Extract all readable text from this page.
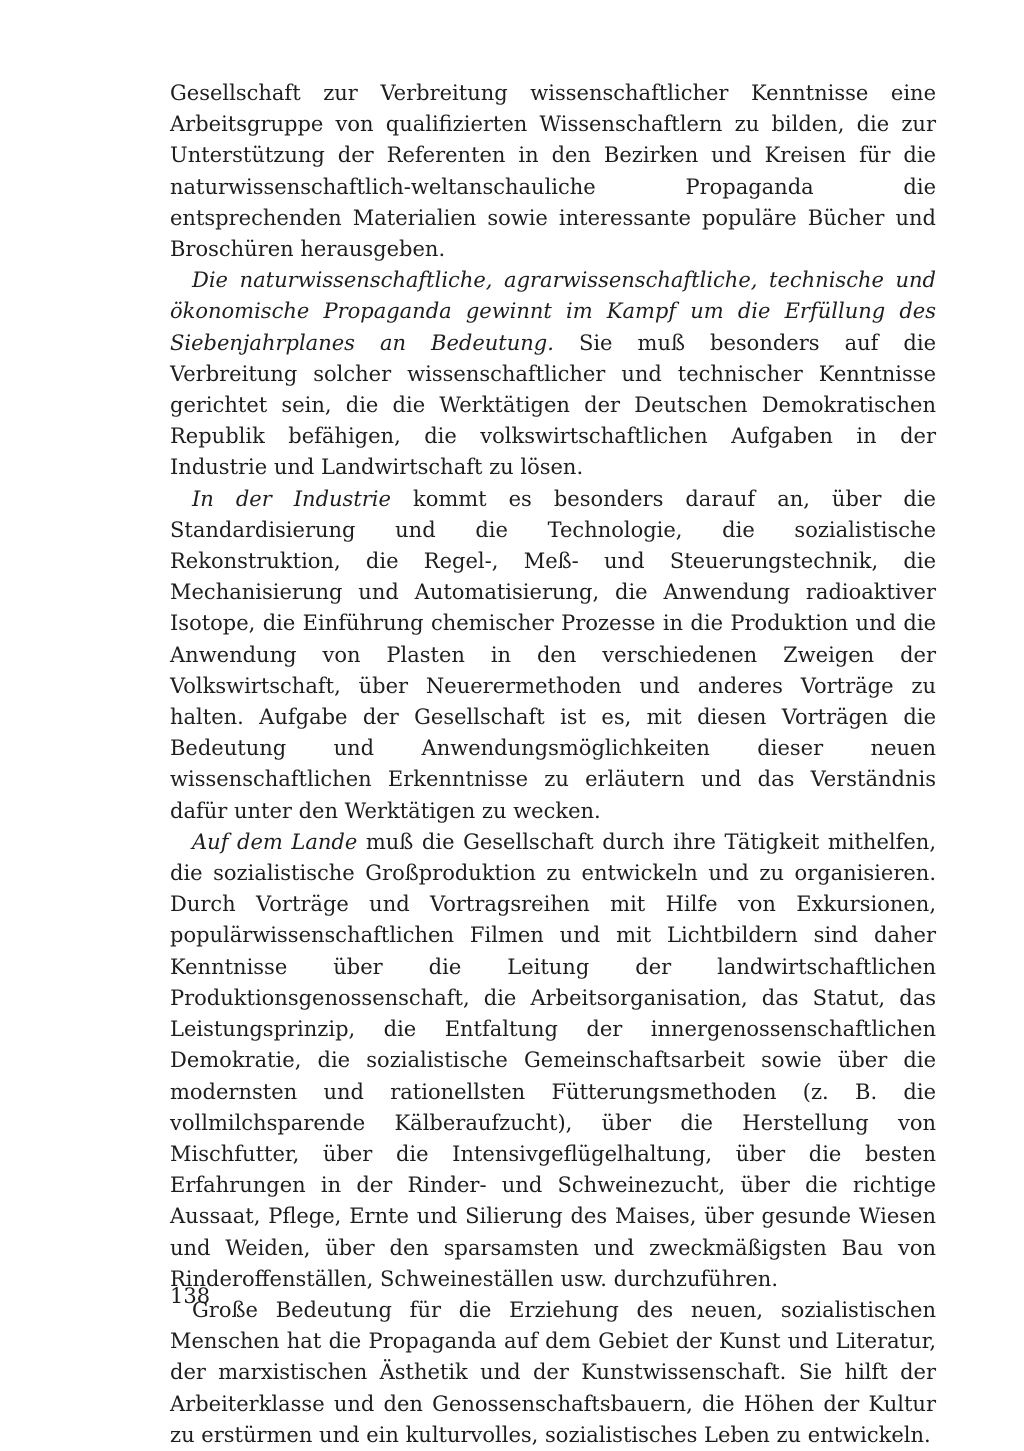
Gesellschaft zur Verbreitung wissenschaftlicher Kenntnisse eine Arbeitsgruppe von qualifizierten Wissenschaftlern zu bilden, die zur Unterstützung der Referenten in den Bezirken und Kreisen für die naturwissenschaftlich-weltanschauliche Propaganda die entsprechenden Materialien sowie interessante populäre Bücher und Broschüren herausgeben.

Die naturwissenschaftliche, agrarwissenschaftliche, technische und ökonomische Propaganda gewinnt im Kampf um die Erfüllung des Siebenjahrplanes an Bedeutung. Sie muß besonders auf die Verbreitung solcher wissenschaftlicher und technischer Kenntnisse gerichtet sein, die die Werktätigen der Deutschen Demokratischen Republik befähigen, die volkswirtschaftlichen Aufgaben in der Industrie und Landwirtschaft zu lösen.

In der Industrie kommt es besonders darauf an, über die Standardisierung und die Technologie, die sozialistische Rekonstruktion, die Regel-, Meß- und Steuerungstechnik, die Mechanisierung und Automatisierung, die Anwendung radioaktiver Isotope, die Einführung chemischer Prozesse in die Produktion und die Anwendung von Plasten in den verschiedenen Zweigen der Volkswirtschaft, über Neuerermethoden und anderes Vorträge zu halten. Aufgabe der Gesellschaft ist es, mit diesen Vorträgen die Bedeutung und Anwendungsmöglichkeiten dieser neuen wissenschaftlichen Erkenntnisse zu erläutern und das Verständnis dafür unter den Werktätigen zu wecken.

Auf dem Lande muß die Gesellschaft durch ihre Tätigkeit mithelfen, die sozialistische Großproduktion zu entwickeln und zu organisieren. Durch Vorträge und Vortragsreihen mit Hilfe von Exkursionen, populärwissenschaftlichen Filmen und mit Lichtbildern sind daher Kenntnisse über die Leitung der landwirtschaftlichen Produktionsgenossenschaft, die Arbeitsorganisation, das Statut, das Leistungsprinzip, die Entfaltung der innergenossenschaftlichen Demokratie, die sozialistische Gemeinschaftsarbeit sowie über die modernsten und rationellsten Fütterungsmethoden (z. B. die vollmilchsparende Kälberaufzucht), über die Herstellung von Mischfutter, über die Intensivgeflügelhaltung, über die besten Erfahrungen in der Rinder- und Schweinezucht, über die richtige Aussaat, Pflege, Ernte und Silierung des Maises, über gesunde Wiesen und Weiden, über den sparsamsten und zweckmäßigsten Bau von Rinderoffenställen, Schweineställen usw. durchzuführen.

Große Bedeutung für die Erziehung des neuen, sozialistischen Menschen hat die Propaganda auf dem Gebiet der Kunst und Literatur, der marxistischen Ästhetik und der Kunstwissenschaft. Sie hilft der Arbeiterklasse und den Genossenschaftsbauern, die Höhen der Kultur zu erstürmen und ein kulturvolles, sozialistisches Leben zu entwickeln.

138
